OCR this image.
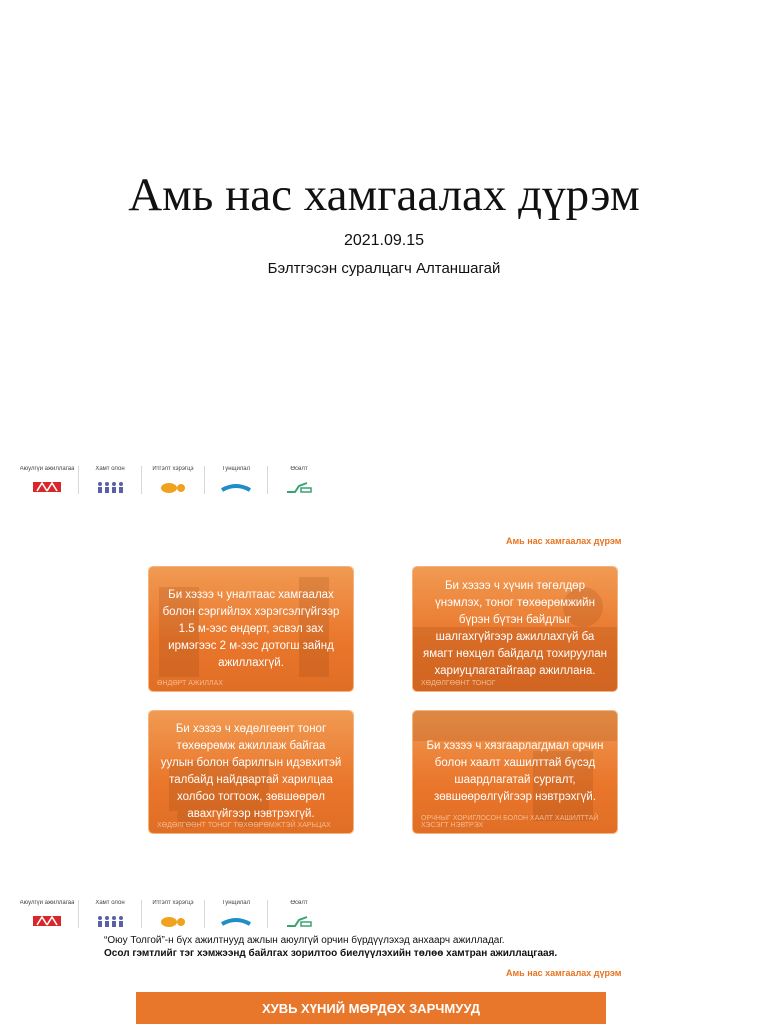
Амь нас хамгаалах дүрэм
2021.09.15
Бэлтгэсэн суралцагч Алтаншагай
Аюулгүй ажиллагаа	Хамт олон	Итгэлт хэрэгцэ	Тунщилал	Өсөлт
Амь нас хамгаалах дүрэм
Би хэзээ ч уналтаас хамгаалах болон сэргийлэх хэрэгсэлгүйгээр 1.5 м-ээс өндөрт, эсвэл зах ирмэгээс 2 м-ээс дотогш зайнд ажиллахгүй.
ӨНДӨРТ АЖИЛЛАХ
Би хэзээ ч хүчин төгөлдөр үнэмлэх, тоног төхөөрөмжийн бүрэн бүтэн байдлыг шалгахгүйгээр ажиллахгүй ба ямагт нөхцөл байдалд тохируулан хариуцлагатайгаар ажиллана.
ХӨДӨЛГӨӨНТ ТОНОГ
Би хэзээ ч хөдөлгөөнт тоног төхөөрөмж ажиллаж байгаа уулын болон барилгын идэвхитэй талбайд найдвартай харилцаа холбоо тогтоож, зөвшөөрөл авахгүйгээр нэвтрэхгүй.
ХӨДӨЛГӨӨНТ ТОНОГ ТӨХӨӨРӨМЖТЭЙ ХАРЬЦАХ
Би хэзээ ч хязгаарлагдмал орчин болон хаалт хашилттай бүсэд шаардлагатай сургалт, зөвшөөрөлгүйгээр нэвтрэхгүй.
ОРЧНЫГ ХОРИГЛОСОН БОЛОН ХААЛТ ХАШИЛТТАЙ ХЭСЭГТ НЭВТРЭХ
Аюулгүй ажиллагаа	Хамт олон	Итгэлт хэрэгцэ	Тунщилал	Өсөлт
“Оюу Толгой”-н бүх ажилтнууд ажлын аюулгүй орчин бүрдүүлэхэд анхаарч ажилладаг.
Осол гэмтлийг тэг хэмжээнд байлгах зорилтоо биелүүлэхийн төлөө хамтран ажиллацгаая.
Амь нас хамгаалах дүрэм
ХУВЬ ХҮНИЙ МӨРДӨХ ЗАРЧМУУД
